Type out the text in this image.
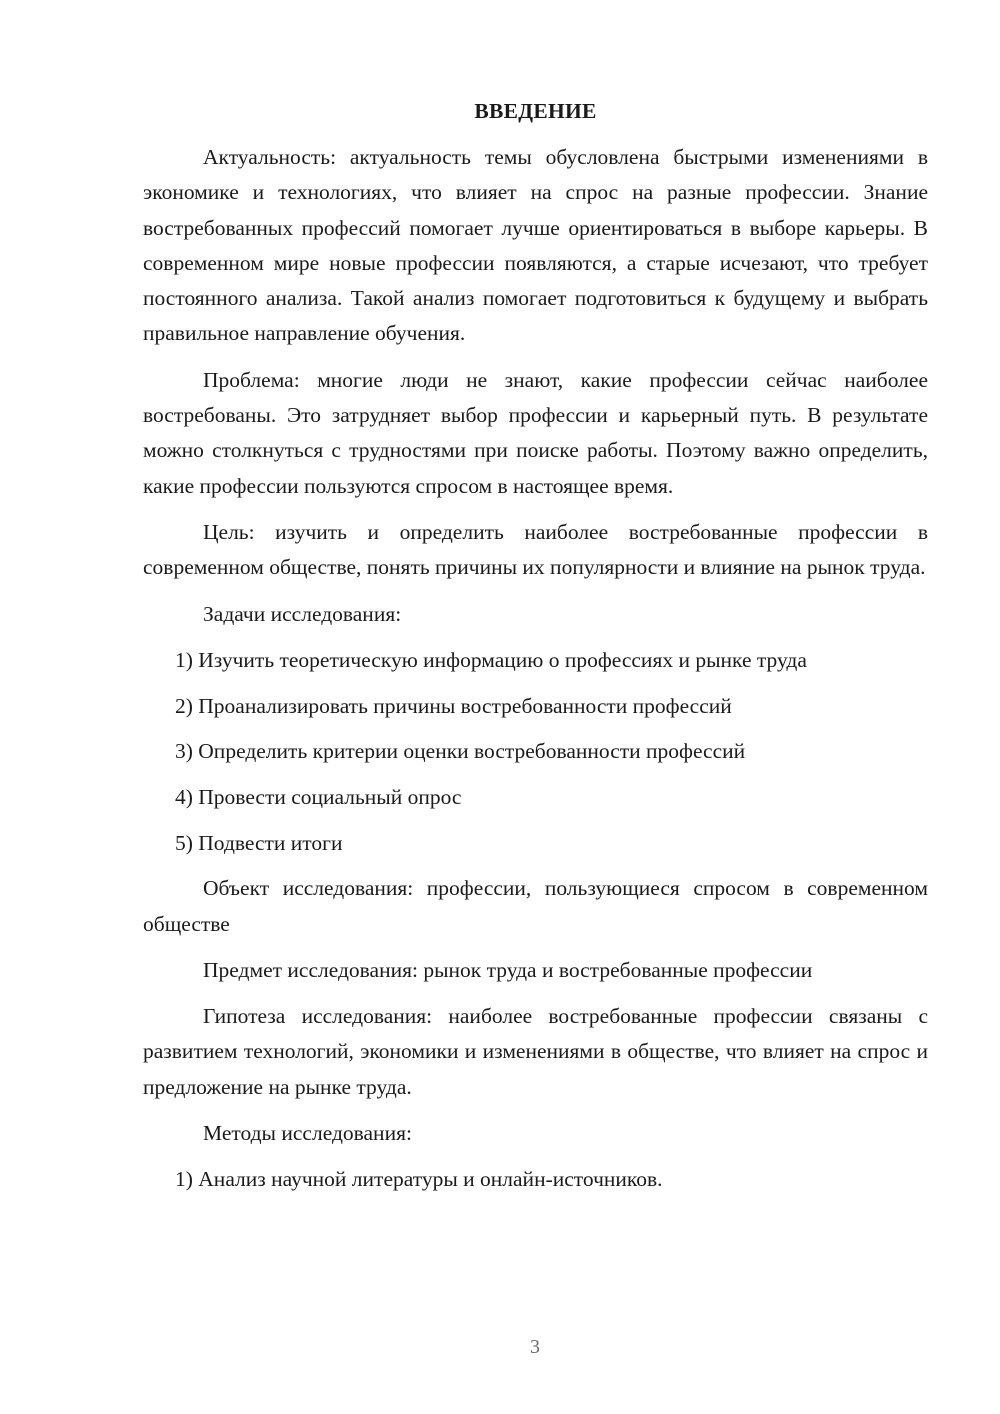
ВВЕДЕНИЕ

Актуальность: актуальность темы обусловлена быстрыми изменениями в экономике и технологиях, что влияет на спрос на разные профессии. Знание востребованных профессий помогает лучше ориентироваться в выборе карьеры. В современном мире новые профессии появляются, а старые исчезают, что требует постоянного анализа. Такой анализ помогает подготовиться к будущему и выбрать правильное направление обучения.

Проблема: многие люди не знают, какие профессии сейчас наиболее востребованы. Это затрудняет выбор профессии и карьерный путь. В результате можно столкнуться с трудностями при поиске работы. Поэтому важно определить, какие профессии пользуются спросом в настоящее время.

Цель: изучить и определить наиболее востребованные профессии в современном обществе, понять причины их популярности и влияние на рынок труда.

Задачи исследования:

1) Изучить теоретическую информацию о профессиях и рынке труда
2) Проанализировать причины востребованности профессий
3) Определить критерии оценки востребованности профессий
4) Провести социальный опрос
5) Подвести итоги

Объект исследования: профессии, пользующиеся спросом в современном обществе

Предмет исследования: рынок труда и востребованные профессии

Гипотеза исследования: наиболее востребованные профессии связаны с развитием технологий, экономики и изменениями в обществе, что влияет на спрос и предложение на рынке труда.

Методы исследования:

1) Анализ научной литературы и онлайн-источников.
3
